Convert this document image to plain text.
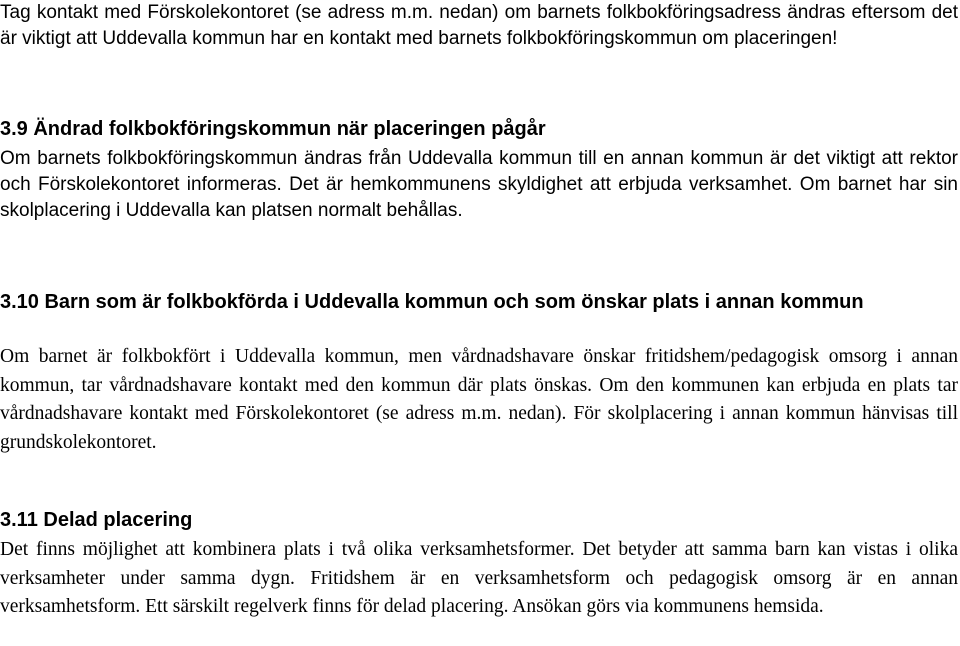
Tag kontakt med Förskolekontoret (se adress m.m. nedan) om barnets folkbokföringsadress ändras eftersom det är viktigt att Uddevalla kommun har en kontakt med barnets folkbokföringskommun om placeringen!

3.9 Ändrad folkbokföringskommun när placeringen pågår

Om barnets folkbokföringskommun ändras från Uddevalla kommun till en annan kommun är det viktigt att rektor och Förskolekontoret informeras. Det är hemkommunens skyldighet att erbjuda verksamhet. Om barnet har sin skolplacering i Uddevalla kan platsen normalt behållas.

3.10 Barn som är folkbokförda i Uddevalla kommun och som önskar plats i annan kommun

Om barnet är folkbokfört i Uddevalla kommun, men vårdnadshavare önskar fritidshem/pedagogisk omsorg i annan kommun, tar vårdnadshavare kontakt med den kommun där plats önskas. Om den kommunen kan erbjuda en plats tar vårdnadshavare kontakt med Förskolekontoret (se adress m.m. nedan). För skolplacering i annan kommun hänvisas till grundskolekontoret.

3.11 Delad placering

Det finns möjlighet att kombinera plats i två olika verksamhetsformer. Det betyder att samma barn kan vistas i olika verksamheter under samma dygn. Fritidshem är en verksamhetsform och pedagogisk omsorg är en annan verksamhetsform. Ett särskilt regelverk finns för delad placering. Ansökan görs via kommunens hemsida.
